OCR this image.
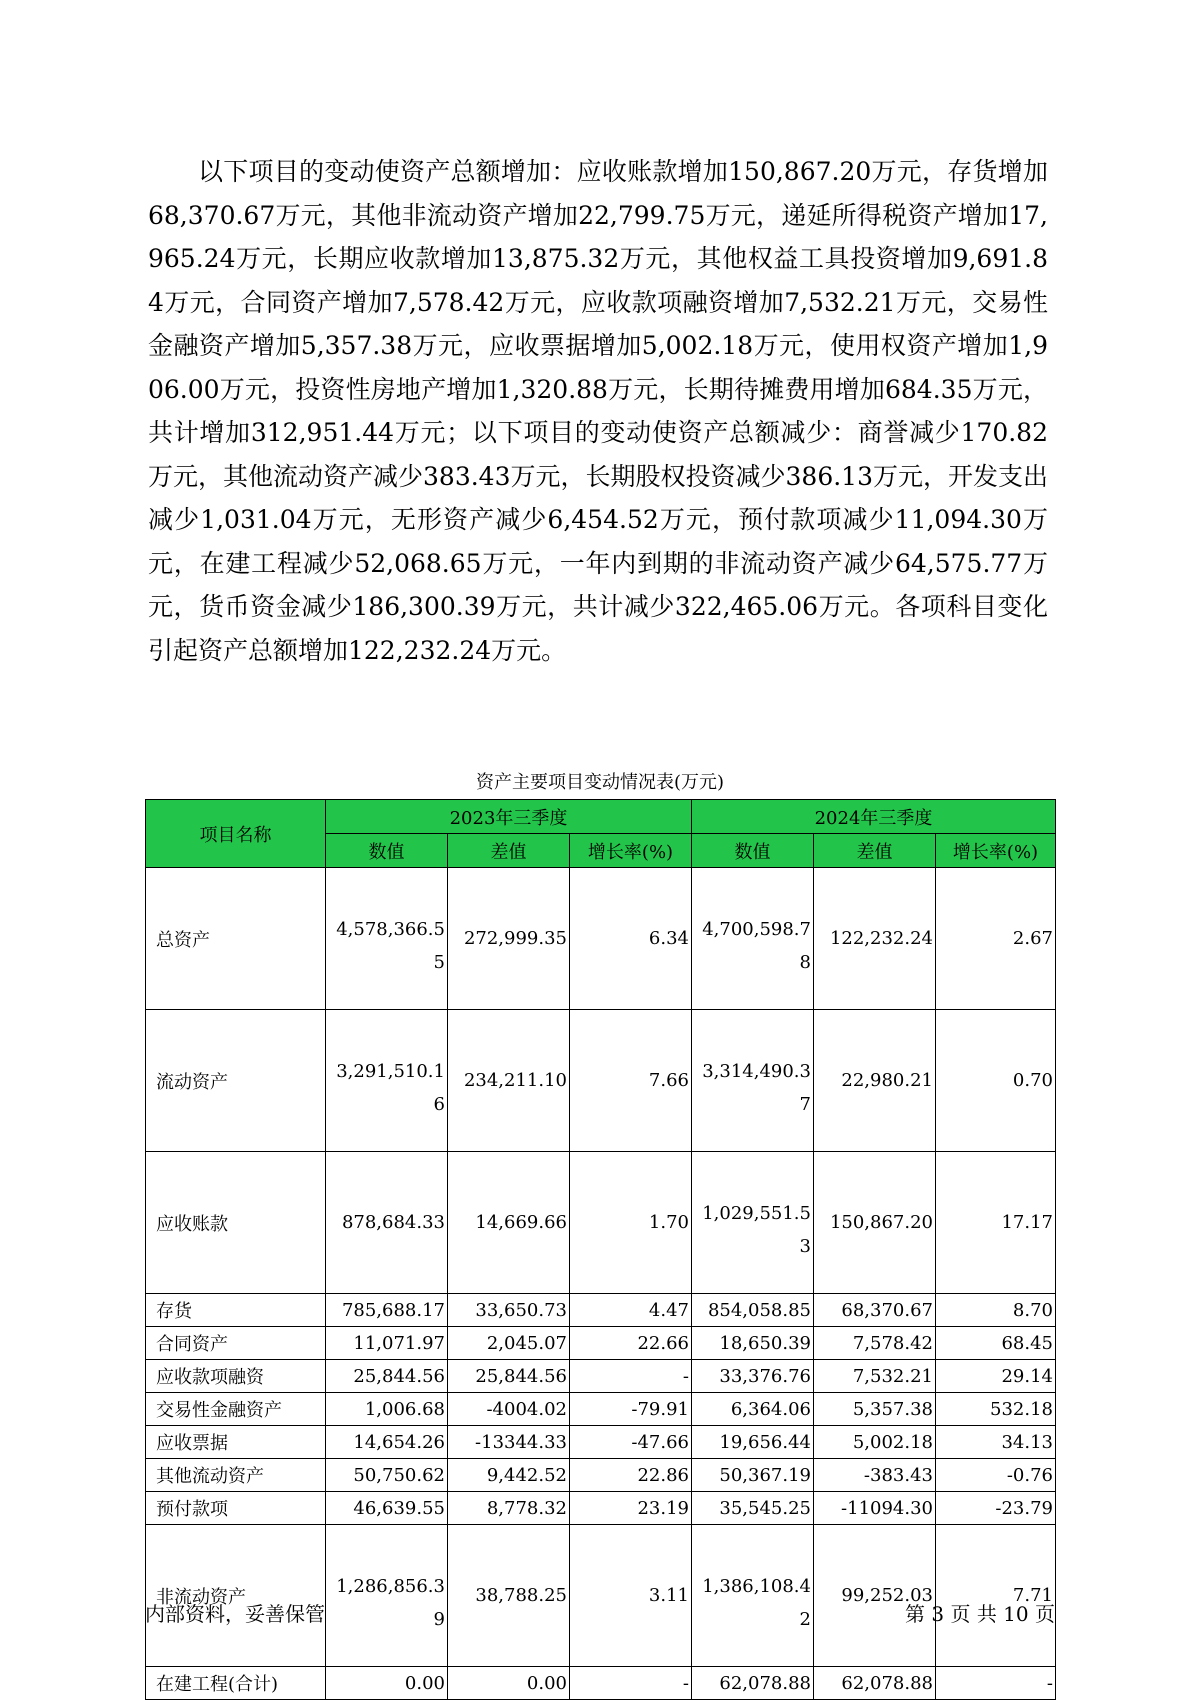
以下项目的变动使资产总额增加：应收账款增加150,867.20万元，存货增加68,370.67万元，其他非流动资产增加22,799.75万元，递延所得税资产增加17,965.24万元，长期应收款增加13,875.32万元，其他权益工具投资增加9,691.84万元，合同资产增加7,578.42万元，应收款项融资增加7,532.21万元，交易性金融资产增加5,357.38万元，应收票据增加5,002.18万元，使用权资产增加1,906.00万元，投资性房地产增加1,320.88万元，长期待摊费用增加684.35万元，共计增加312,951.44万元；以下项目的变动使资产总额减少：商誉减少170.82万元，其他流动资产减少383.43万元，长期股权投资减少386.13万元，开发支出减少1,031.04万元，无形资产减少6,454.52万元，预付款项减少11,094.30万元，在建工程减少52,068.65万元，一年内到期的非流动资产减少64,575.77万元，货币资金减少186,300.39万元，共计减少322,465.06万元。各项科目变化引起资产总额增加122,232.24万元。

资产主要项目变动情况表(万元)
项目名称	2023年三季度			2024年三季度		
	数值	差值	增长率(%)	数值	差值	增长率(%)
总资产	4,578,366.55	272,999.35	6.34	4,700,598.78	122,232.24	2.67
流动资产	3,291,510.16	234,211.10	7.66	3,314,490.37	22,980.21	0.70
应收账款	878,684.33	14,669.66	1.70	1,029,551.53	150,867.20	17.17
存货	785,688.17	33,650.73	4.47	854,058.85	68,370.67	8.70
合同资产	11,071.97	2,045.07	22.66	18,650.39	7,578.42	68.45
应收款项融资	25,844.56	25,844.56	-	33,376.76	7,532.21	29.14
交易性金融资产	1,006.68	-4004.02	-79.91	6,364.06	5,357.38	532.18
应收票据	14,654.26	-13344.33	-47.66	19,656.44	5,002.18	34.13
其他流动资产	50,750.62	9,442.52	22.86	50,367.19	-383.43	-0.76
预付款项	46,639.55	8,778.32	23.19	35,545.25	-11094.30	-23.79
非流动资产	1,286,856.39	38,788.25	3.11	1,386,108.42	99,252.03	7.71
在建工程(合计)	0.00	0.00	-	62,078.88	62,078.88	-
内部资料，妥善保管	第 3 页 共 10 页
